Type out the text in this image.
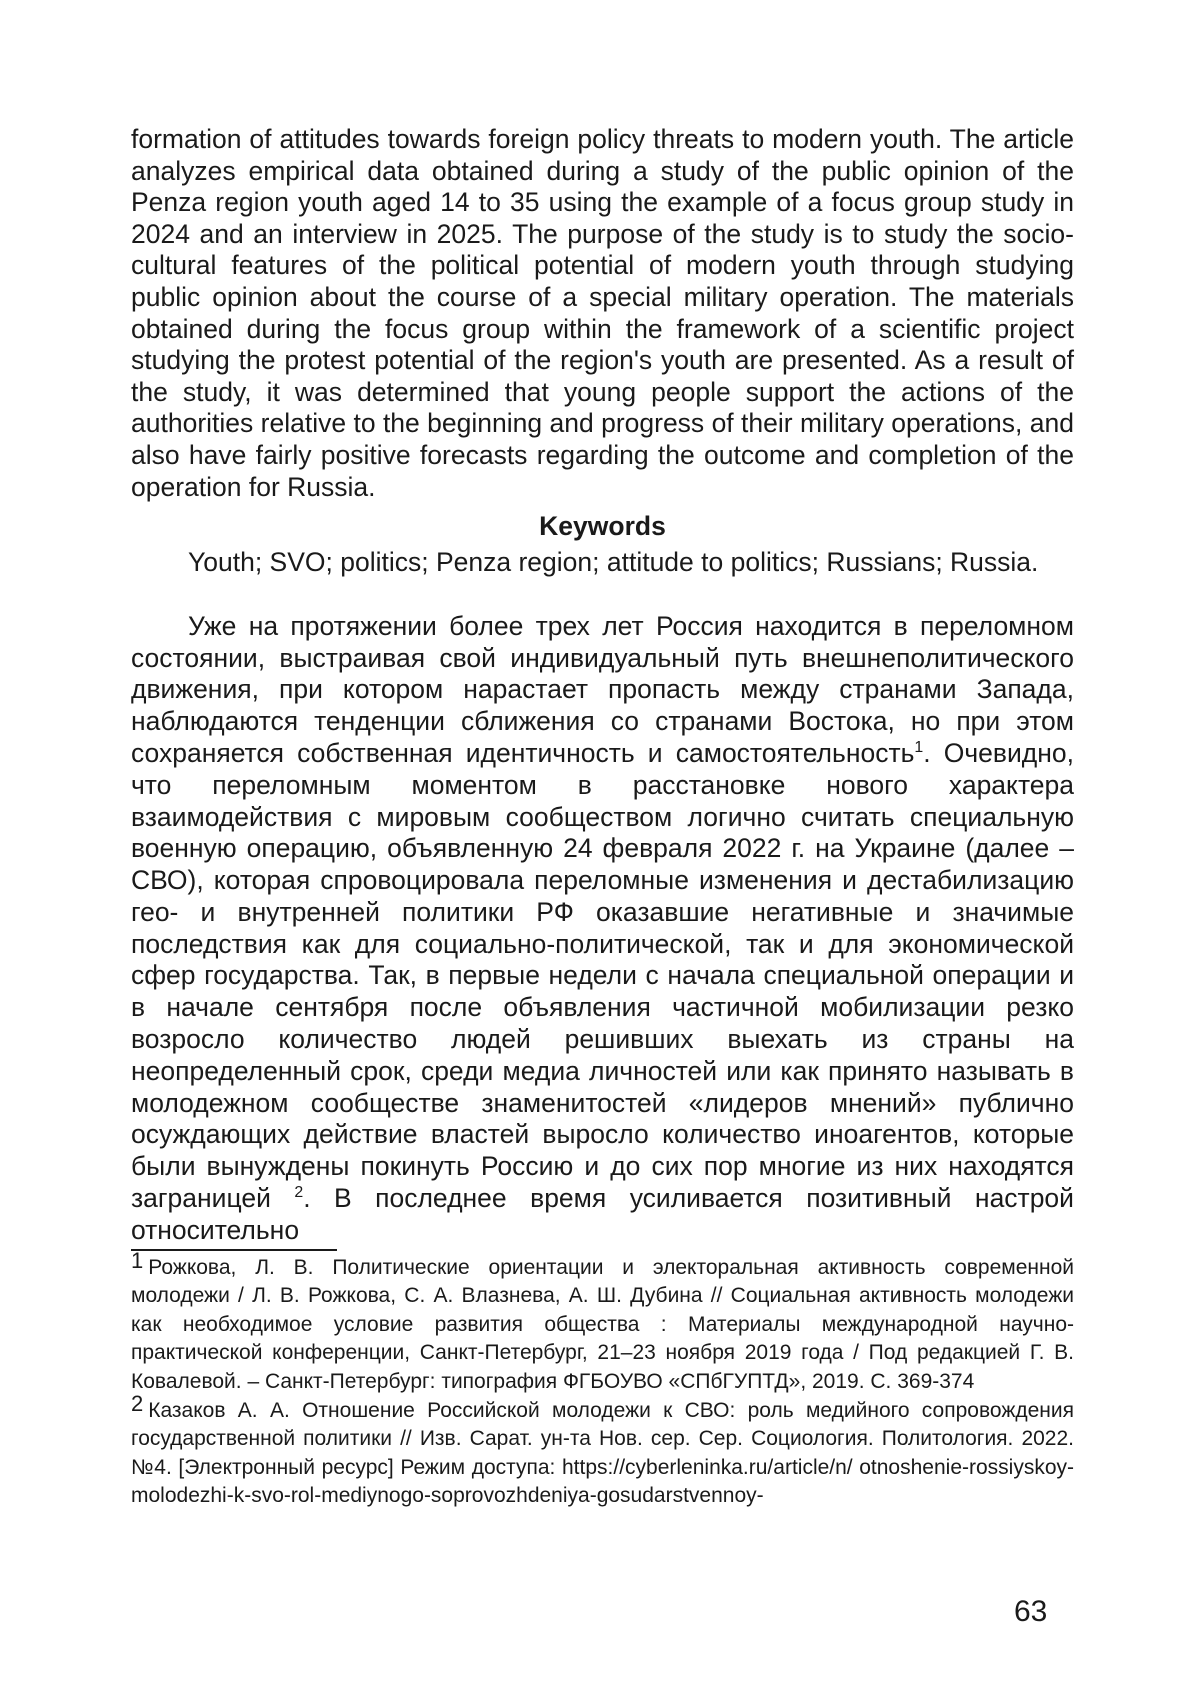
formation of attitudes towards foreign policy threats to modern youth. The article analyzes empirical data obtained during a study of the public opinion of the Penza region youth aged 14 to 35 using the example of a focus group study in 2024 and an interview in 2025. The purpose of the study is to study the socio-cultural features of the political potential of modern youth through studying public opinion about the course of a special military operation. The materials obtained during the focus group within the framework of a scientific project studying the protest potential of the region's youth are presented. As a result of the study, it was determined that young people support the actions of the authorities relative to the beginning and progress of their military operations, and also have fairly positive forecasts regarding the outcome and completion of the operation for Russia.

Keywords

Youth; SVO; politics; Penza region; attitude to politics; Russians; Russia.

Уже на протяжении более трех лет Россия находится в переломном состоянии, выстраивая свой индивидуальный путь внешнеполитического движения, при котором нарастает пропасть между странами Запада, наблюдаются тенденции сближения со странами Востока, но при этом сохраняется собственная идентичность и самостоятельность$^1$. Очевидно, что переломным моментом в расстановке нового характера взаимодействия с мировым сообществом логично считать специальную военную операцию, объявленную 24 февраля 2022 г. на Украине (далее – СВО), которая спровоцировала переломные изменения и дестабилизацию гео- и внутренней политики РФ оказавшие негативные и значимые последствия как для социально-политической, так и для экономической сфер государства. Так, в первые недели с начала специальной операции и в начале сентября после объявления частичной мобилизации резко возросло количество людей решивших выехать из страны на неопределенный срок, среди медиа личностей или как принято называть в молодежном сообществе знаменитостей «лидеров мнений» публично осуждающих действие властей выросло количество иноагентов, которые были вынуждены покинуть Россию и до сих пор многие из них находятся заграницей $^2$. В последнее время усиливается позитивный настрой относительно

1 Рожкова, Л. В. Политические ориентации и электоральная активность современной молодежи / Л. В. Рожкова, С. А. Влазнева, А. Ш. Дубина // Социальная активность молодежи как необходимое условие развития общества : Материалы международной научно-практической конференции, Санкт-Петербург, 21–23 ноября 2019 года / Под редакцией Г. В. Ковалевой. – Санкт-Петербург: типография ФГБОУВО «СПбГУПТД», 2019. С. 369-374

2 Казаков А. А. Отношение Российской молодежи к СВО: роль медийного сопровождения государственной политики // Изв. Сарат. ун-та Нов. сер. Сер. Социология. Политология. 2022. №4. [Электронный ресурс] Режим доступа: https://cyberleninka.ru/article/n/ otnoshenie-rossiyskoy-molodezhi-k-svo-rol-mediynogo-soprovozhdeniya-gosudarstvennoy-

63
